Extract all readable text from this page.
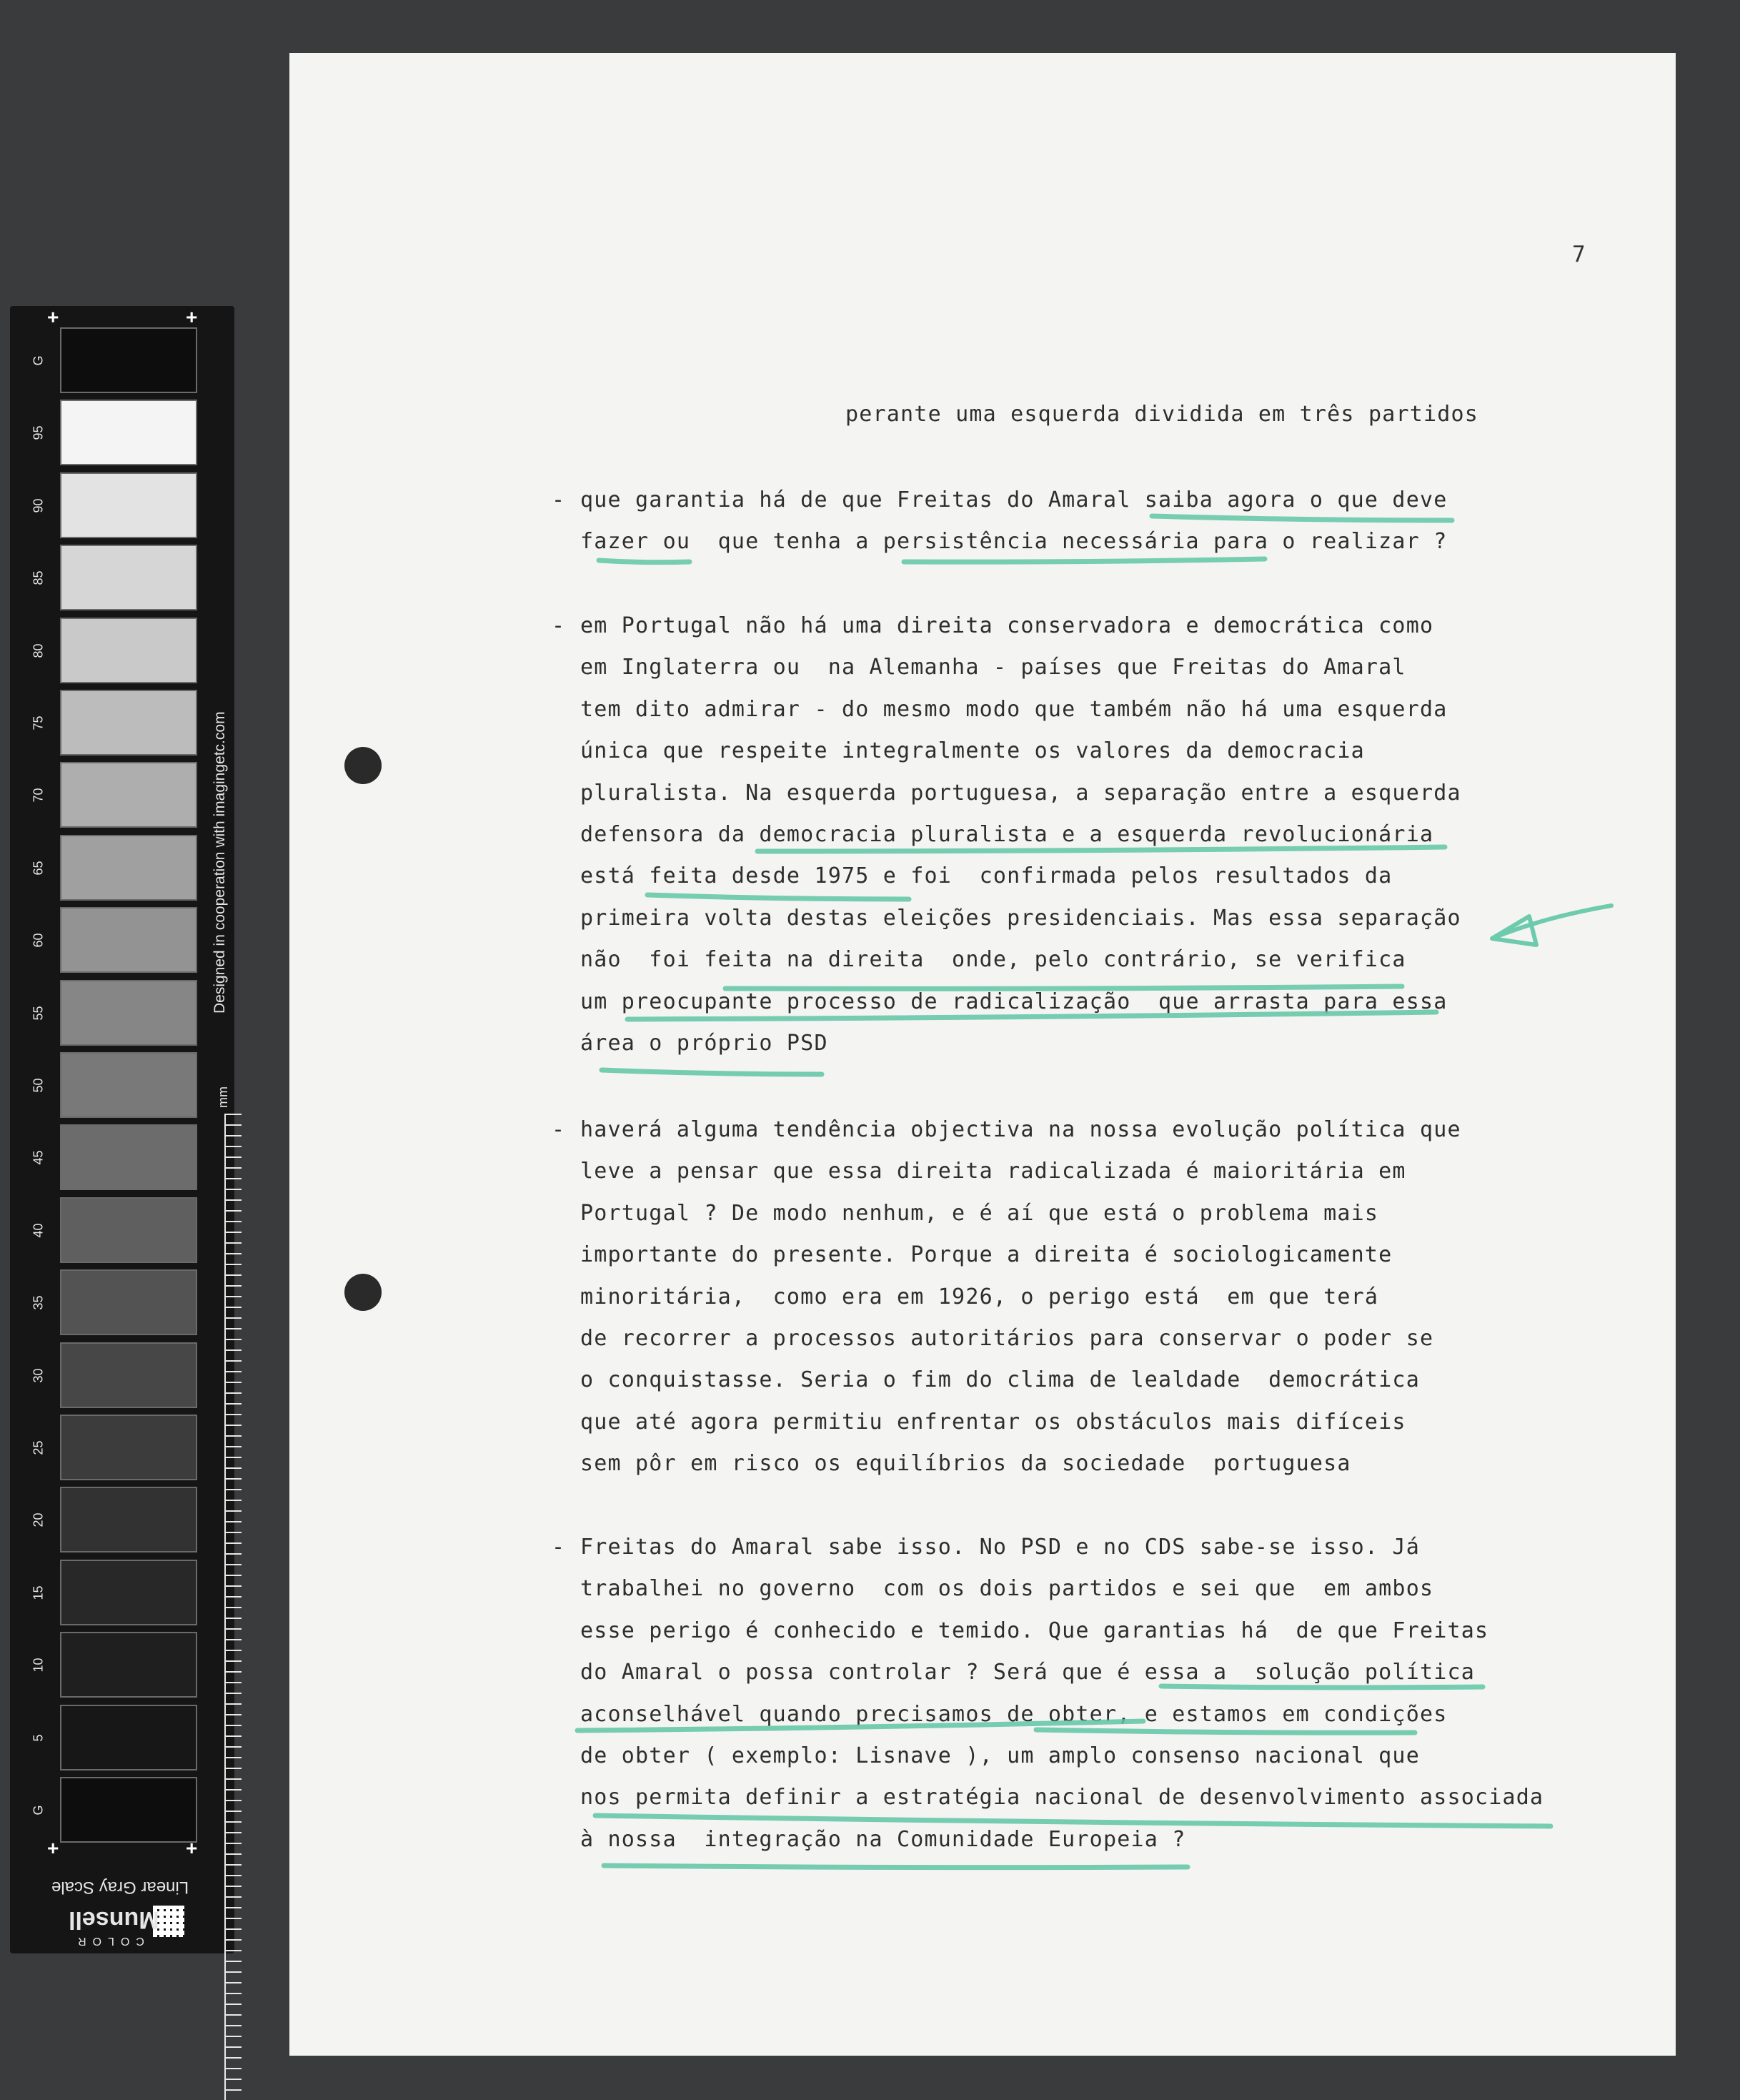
G
95
90
85
80
75
70
65
60
55
50
45
40
35
30
25
20
15
10
5
G
mm
Designed in cooperation with imagingetc.com
+	+
+	+
Linear Gray Scale
Munsell
COLOR
7
perante uma esquerda dividida em três partidos
- que garantia há de que Freitas do Amaral saiba agora o que deve
fazer ou  que tenha a persistência necessária para o realizar ?
- em Portugal não há uma direita conservadora e democrática como
em Inglaterra ou  na Alemanha - países que Freitas do Amaral
tem dito admirar - do mesmo modo que também não há uma esquerda
única que respeite integralmente os valores da democracia
pluralista. Na esquerda portuguesa, a separação entre a esquerda
defensora da democracia pluralista e a esquerda revolucionária
está feita desde 1975 e foi  confirmada pelos resultados da
primeira volta destas eleições presidenciais. Mas essa separação
não  foi feita na direita  onde, pelo contrário, se verifica
um preocupante processo de radicalização  que arrasta para essa
área o próprio PSD
- haverá alguma tendência objectiva na nossa evolução política que
leve a pensar que essa direita radicalizada é maioritária em
Portugal ? De modo nenhum, e é aí que está o problema mais
importante do presente. Porque a direita é sociologicamente
minoritária,  como era em 1926, o perigo está  em que terá
de recorrer a processos autoritários para conservar o poder se
o conquistasse. Seria o fim do clima de lealdade  democrática
que até agora permitiu enfrentar os obstáculos mais difíceis
sem pôr em risco os equilíbrios da sociedade  portuguesa
- Freitas do Amaral sabe isso. No PSD e no CDS sabe-se isso. Já
trabalhei no governo  com os dois partidos e sei que  em ambos
esse perigo é conhecido e temido. Que garantias há  de que Freitas
do Amaral o possa controlar ? Será que é essa a  solução política
aconselhável quando precisamos de obter, e estamos em condições
de obter ( exemplo: Lisnave ), um amplo consenso nacional que
nos permita definir a estratégia nacional de desenvolvimento associada
à nossa  integração na Comunidade Europeia ?
